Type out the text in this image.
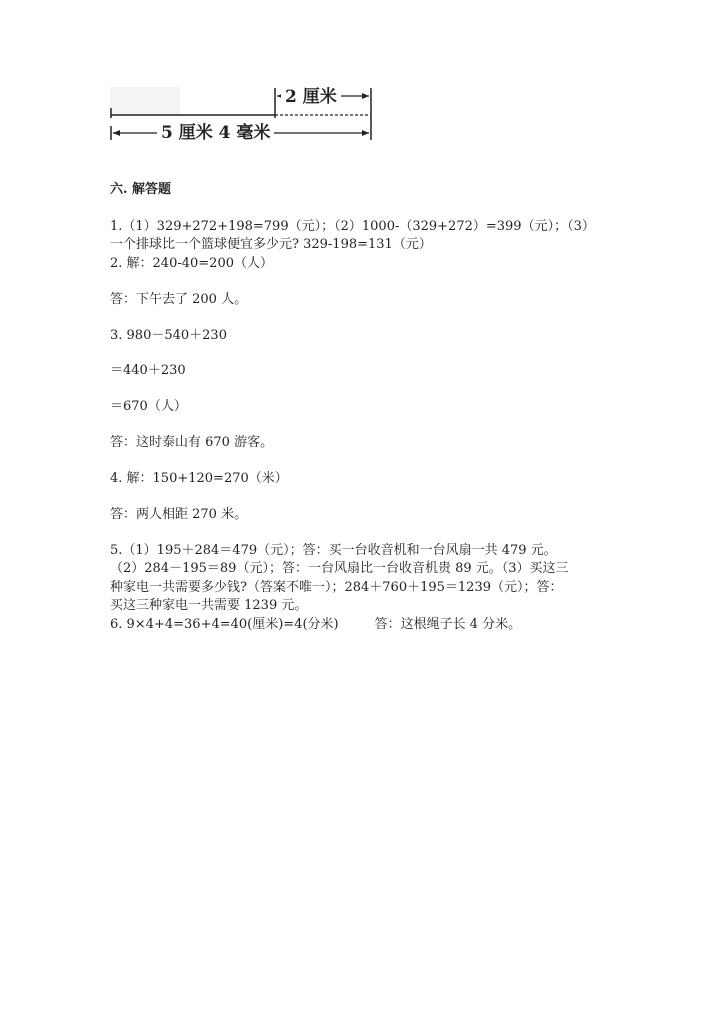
2 厘米
5 厘米 4 毫米
六. 解答题
1.（1）329+272+198=799（元）；（2）1000-（329+272）=399（元）；（3）
一个排球比一个篮球便宜多少元? 329-198=131（元）
2. 解：240-40=200（人）
答：下午去了 200 人。
3. 980－540＋230
＝440＋230
＝670（人）
答：这时泰山有 670 游客。
4. 解：150+120=270（米）
答：两人相距 270 米。
5.（1）195＋284＝479（元）；答：买一台收音机和一台风扇一共 479 元。
（2）284－195＝89（元）；答：一台风扇比一台收音机贵 89 元。（3）买这三
种家电一共需要多少钱?（答案不唯一）；284＋760＋195＝1239（元）；答：
买这三种家电一共需要 1239 元。
6. 9×4+4=36+4=40(厘米)=4(分米)	答：这根绳子长 4 分米。
